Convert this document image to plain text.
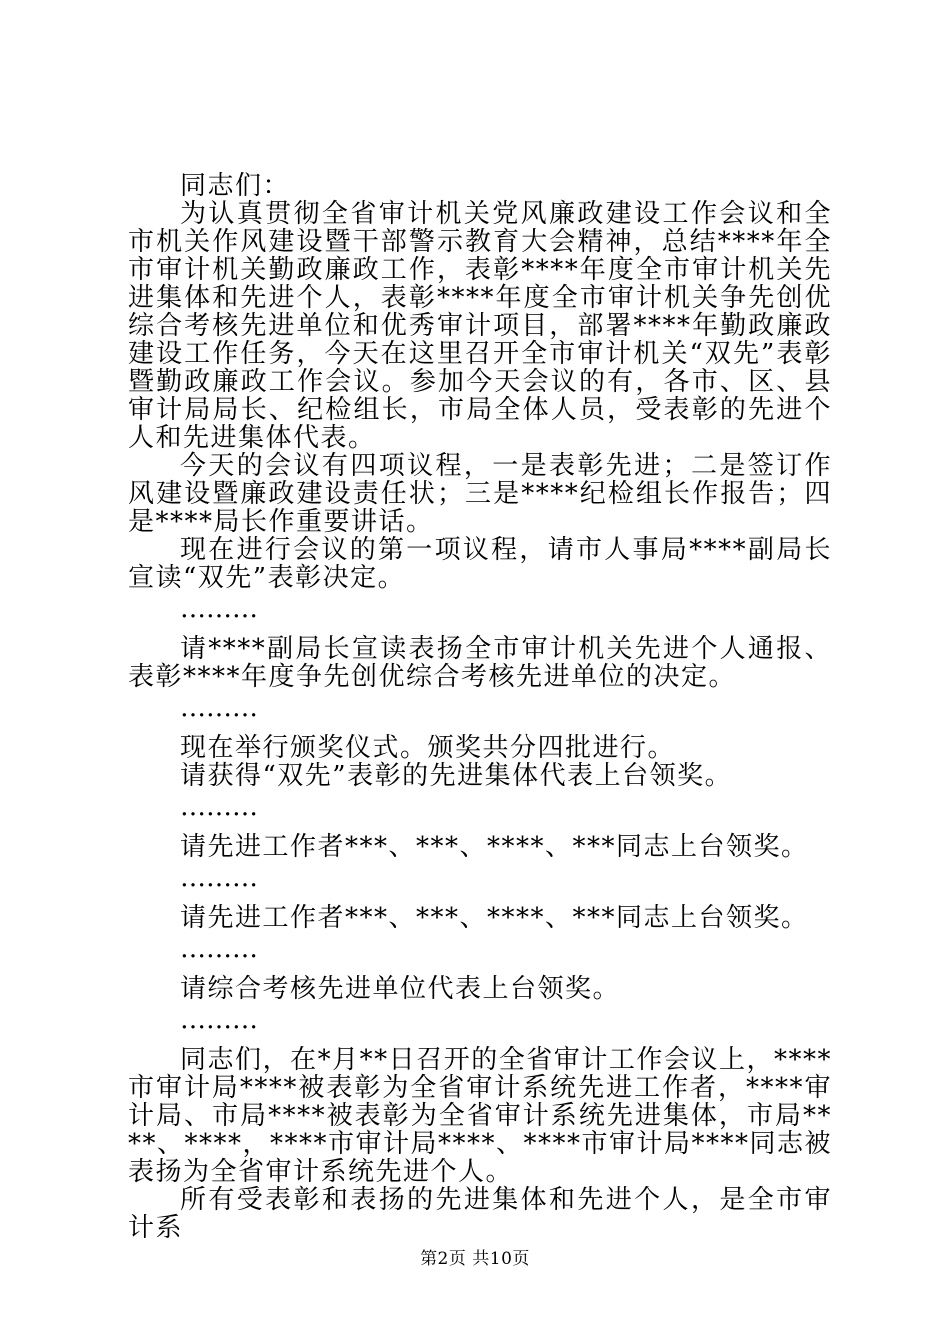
同志们：

为认真贯彻全省审计机关党风廉政建设工作会议和全市机关作风建设暨干部警示教育大会精神，总结****年全市审计机关勤政廉政工作，表彰****年度全市审计机关先进集体和先进个人，表彰****年度全市审计机关争先创优综合考核先进单位和优秀审计项目，部署****年勤政廉政建设工作任务，今天在这里召开全市审计机关“双先”表彰暨勤政廉政工作会议。参加今天会议的有，各市、区、县审计局局长、纪检组长，市局全体人员，受表彰的先进个人和先进集体代表。

今天的会议有四项议程，一是表彰先进；二是签订作风建设暨廉政建设责任状；三是****纪检组长作报告；四是****局长作重要讲话。

现在进行会议的第一项议程，请市人事局****副局长宣读“双先”表彰决定。

………

请****副局长宣读表扬全市审计机关先进个人通报、表彰****年度争先创优综合考核先进单位的决定。

………

现在举行颁奖仪式。颁奖共分四批进行。

请获得“双先”表彰的先进集体代表上台领奖。

………

请先进工作者***、***、****、***同志上台领奖。

………

请先进工作者***、***、****、***同志上台领奖。

………

请综合考核先进单位代表上台领奖。

………

同志们，在*月**日召开的全省审计工作会议上，****市审计局****被表彰为全省审计系统先进工作者，****审计局、市局****被表彰为全省审计系统先进集体，市局****、****，****市审计局****、****市审计局****同志被表扬为全省审计系统先进个人。

所有受表彰和表扬的先进集体和先进个人，是全市审计系

第2页 共10页
